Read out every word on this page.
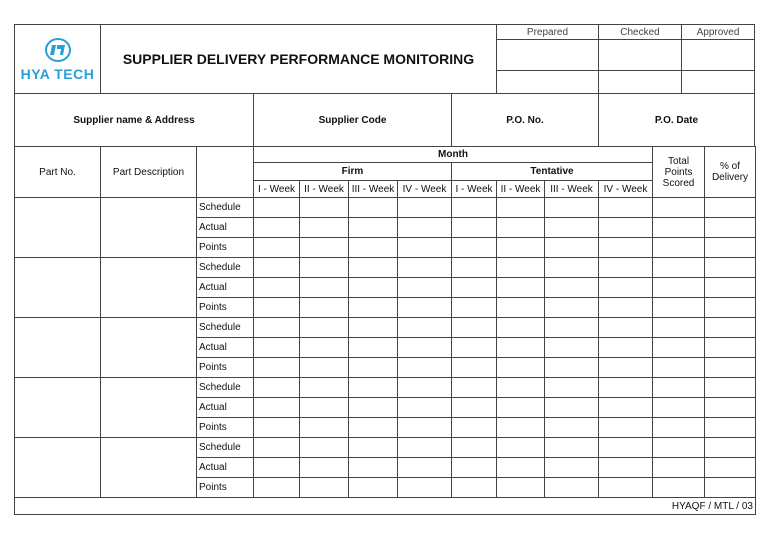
HYA TECH	SUPPLIER DELIVERY PERFORMANCE MONITORING	Prepared	Checked	Approved

Supplier name & Address	Supplier Code	P.O. No.	P.O. Date
Part No.	Part Description		Month								Total Points Scored	% of Delivery
			Firm				Tentative					
			I - Week	II - Week	III - Week	IV - Week	I - Week	II - Week	III - Week	IV - Week		
		Schedule										
		Actual										
		Points										
		Schedule										
		Actual										
		Points										
		Schedule										
		Actual										
		Points										
		Schedule										
		Actual										
		Points										
		Schedule										
		Actual										
		Points										
HYAQF / MTL / 03												
